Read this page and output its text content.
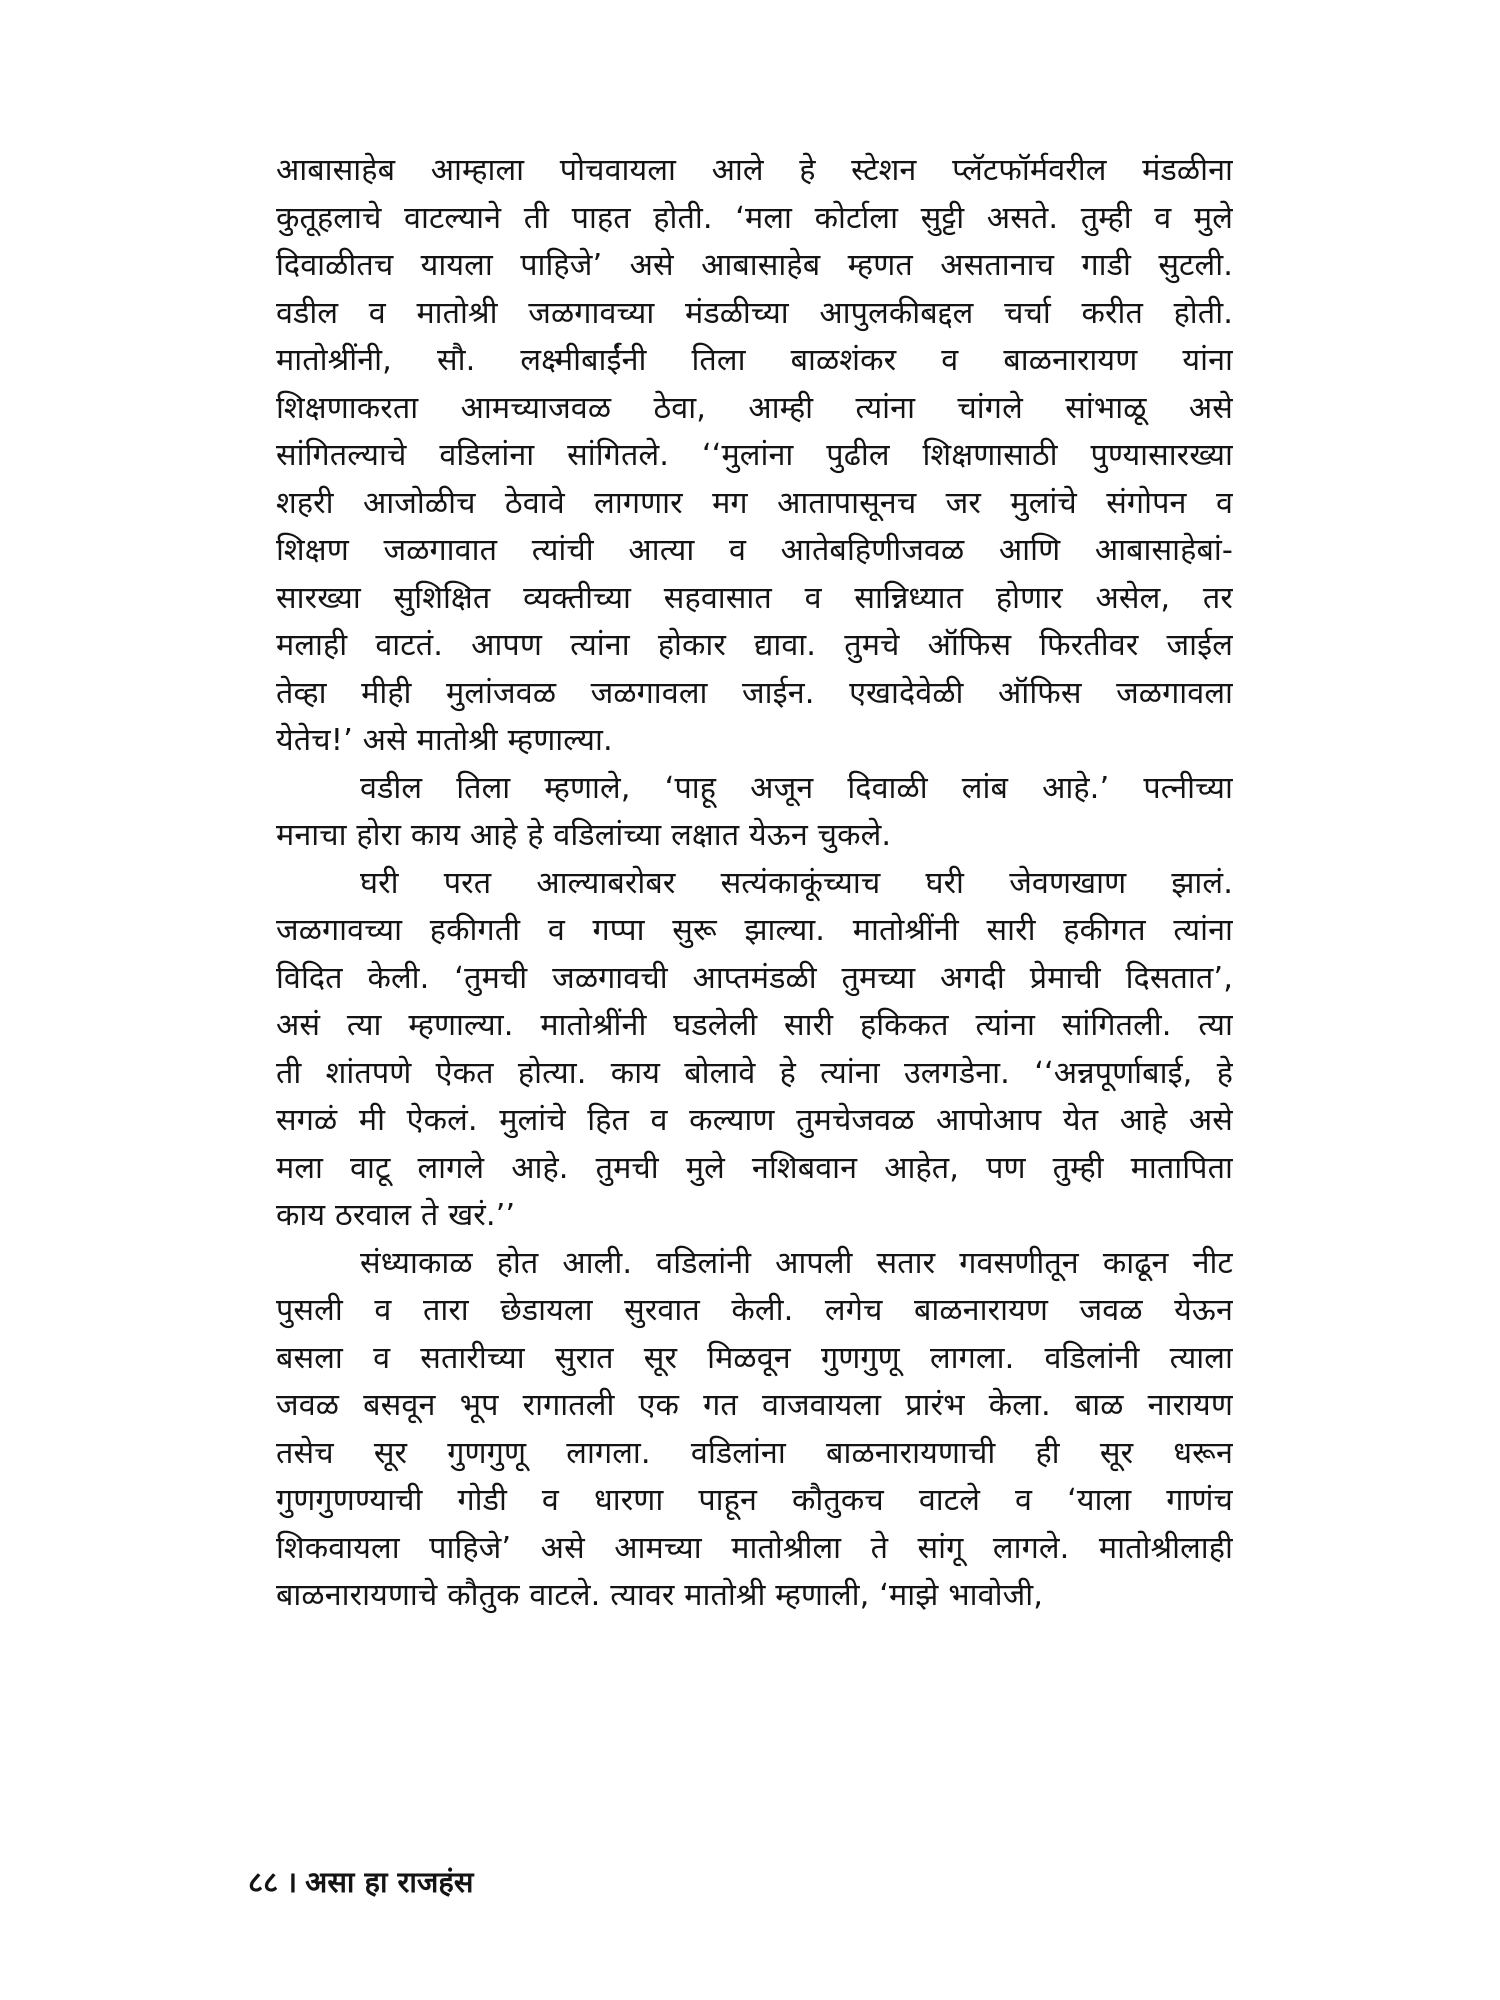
आबासाहेब आम्हाला पोचवायला आले हे स्टेशन प्लॅटफॉर्मवरील मंडळीना
कुतूहलाचे वाटल्याने ती पाहत होती. ‘मला कोर्टाला सुट्टी असते. तुम्ही व मुले
दिवाळीतच यायला पाहिजे’ असे आबासाहेब म्हणत असतानाच गाडी सुटली.
वडील व मातोश्री जळगावच्या मंडळीच्या आपुलकीबद्दल चर्चा करीत होती.
मातोश्रींनी, सौ. लक्ष्मीबाईंनी तिला बाळशंकर व बाळनारायण यांना
शिक्षणाकरता आमच्याजवळ ठेवा, आम्ही त्यांना चांगले सांभाळू असे
सांगितल्याचे वडिलांना सांगितले. ‘‘मुलांना पुढील शिक्षणासाठी पुण्यासारख्या
शहरी आजोळीच ठेवावे लागणार मग आतापासूनच जर मुलांचे संगोपन व
शिक्षण जळगावात त्यांची आत्या व आतेबहिणीजवळ आणि आबासाहेबां-
सारख्या सुशिक्षित व्यक्तीच्या सहवासात व सान्निध्यात होणार असेल, तर
मलाही वाटतं. आपण त्यांना होकार द्यावा. तुमचे ऑफिस फिरतीवर जाईल
तेव्हा मीही मुलांजवळ जळगावला जाईन. एखादेवेळी ऑफिस जळगावला
येतेच!’ असे मातोश्री म्हणाल्या.
वडील तिला म्हणाले, ‘पाहू अजून दिवाळी लांब आहे.’ पत्नीच्या
मनाचा होरा काय आहे हे वडिलांच्या लक्षात येऊन चुकले.
घरी परत आल्याबरोबर सत्यंकाकूंच्याच घरी जेवणखाण झालं.
जळगावच्या हकीगती व गप्पा सुरू झाल्या. मातोश्रींनी सारी हकीगत त्यांना
विदित केली. ‘तुमची जळगावची आप्तमंडळी तुमच्या अगदी प्रेमाची दिसतात’,
असं त्या म्हणाल्या. मातोश्रींनी घडलेली सारी हकिकत त्यांना सांगितली. त्या
ती शांतपणे ऐकत होत्या. काय बोलावे हे त्यांना उलगडेना. ‘‘अन्नपूर्णाबाई, हे
सगळं मी ऐकलं. मुलांचे हित व कल्याण तुमचेजवळ आपोआप येत आहे असे
मला वाटू लागले आहे. तुमची मुले नशिबवान आहेत, पण तुम्ही मातापिता
काय ठरवाल ते खरं.’’
संध्याकाळ होत आली. वडिलांनी आपली सतार गवसणीतून काढून नीट
पुसली व तारा छेडायला सुरवात केली. लगेच बाळनारायण जवळ येऊन
बसला व सतारीच्या सुरात सूर मिळवून गुणगुणू लागला. वडिलांनी त्याला
जवळ बसवून भूप रागातली एक गत वाजवायला प्रारंभ केला. बाळ नारायण
तसेच सूर गुणगुणू लागला. वडिलांना बाळनारायणाची ही सूर धरून
गुणगुणण्याची गोडी व धारणा पाहून कौतुकच वाटले व ‘याला गाणंच
शिकवायला पाहिजे’ असे आमच्या मातोश्रीला ते सांगू लागले. मातोश्रीलाही
बाळनारायणाचे कौतुक वाटले. त्यावर मातोश्री म्हणाली, ‘माझे भावोजी,
८८ । असा हा राजहंस
